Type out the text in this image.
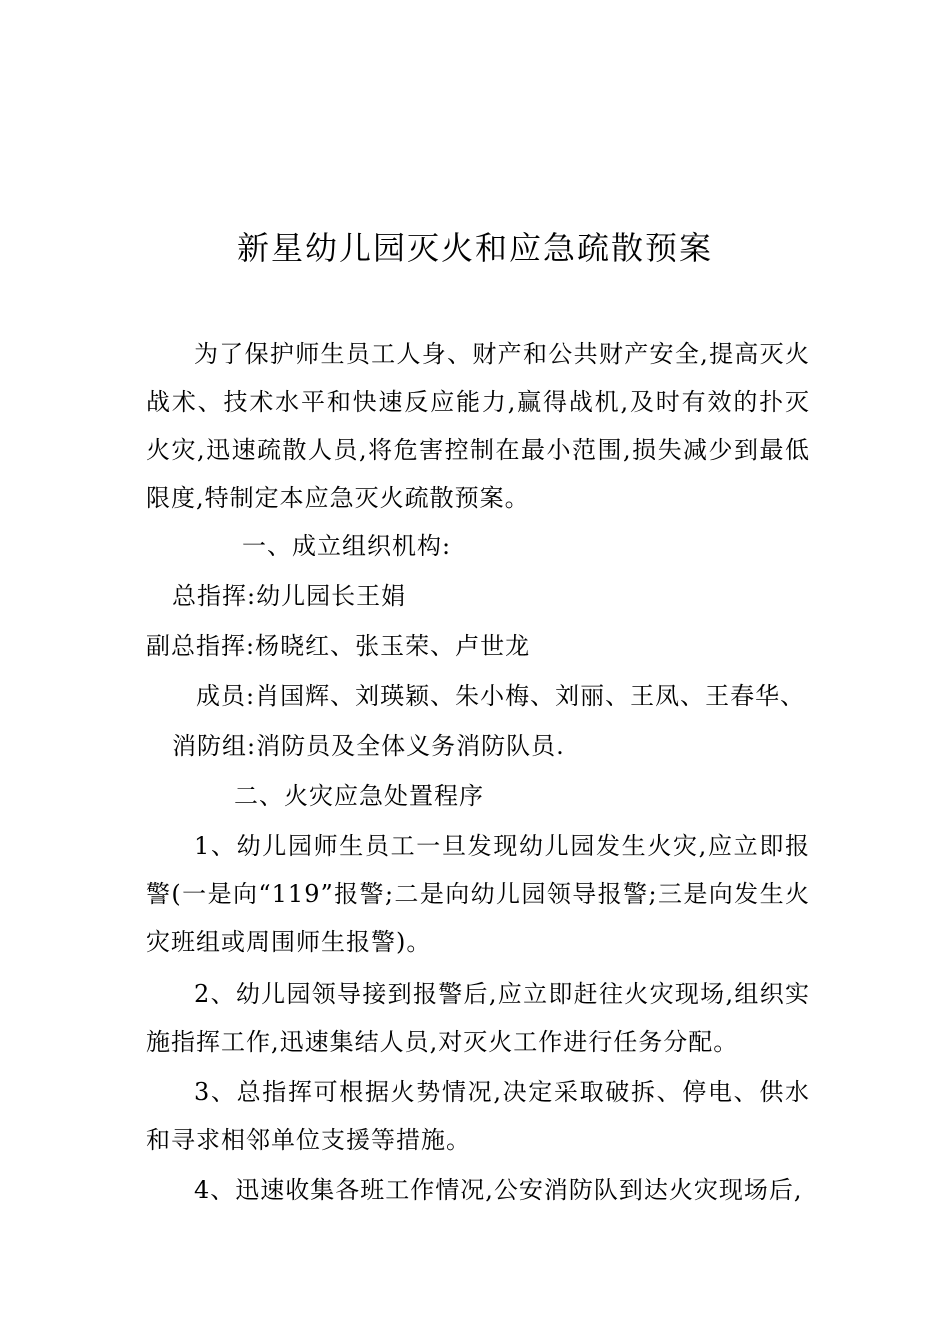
新星幼儿园灭火和应急疏散预案

为了保护师生员工人身、财产和公共财产安全,提高灭火战术、技术水平和快速反应能力,赢得战机,及时有效的扑灭火灾,迅速疏散人员,将危害控制在最小范围,损失减少到最低限度,特制定本应急灭火疏散预案。

一、成立组织机构:

总指挥:幼儿园长王娟

副总指挥:杨晓红、张玉荣、卢世龙

成员:肖国辉、刘瑛颖、朱小梅、刘丽、王凤、王春华、

消防组:消防员及全体义务消防队员.

二、火灾应急处置程序

1、幼儿园师生员工一旦发现幼儿园发生火灾,应立即报警(一是向“119”报警;二是向幼儿园领导报警;三是向发生火灾班组或周围师生报警)。

2、幼儿园领导接到报警后,应立即赶往火灾现场,组织实施指挥工作,迅速集结人员,对灭火工作进行任务分配。

3、总指挥可根据火势情况,决定采取破拆、停电、供水和寻求相邻单位支援等措施。

4、迅速收集各班工作情况,公安消防队到达火灾现场后,
